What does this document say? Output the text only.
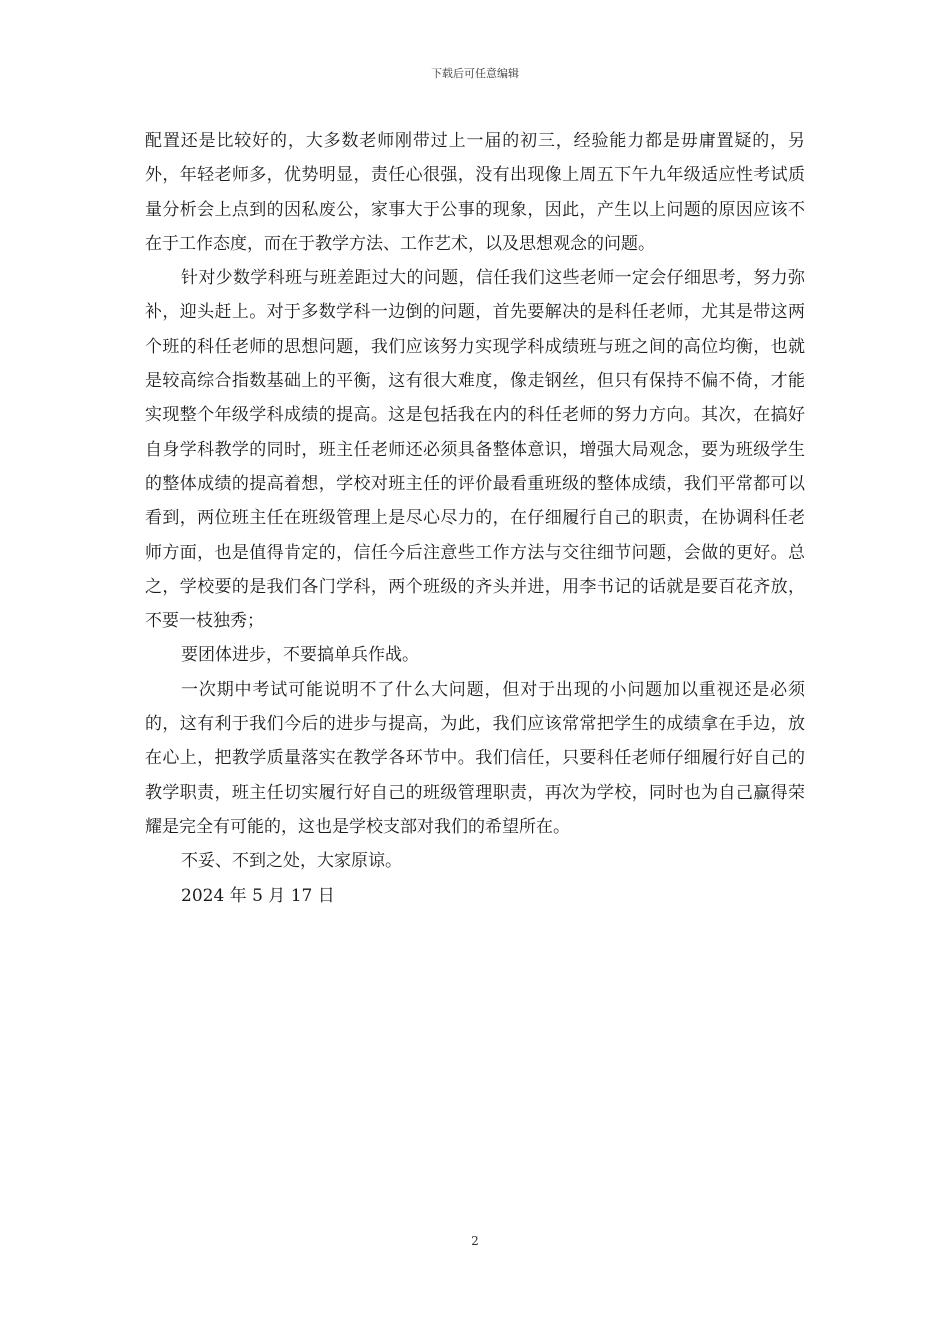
下载后可任意编辑

配置还是比较好的，大多数老师刚带过上一届的初三，经验能力都是毋庸置疑的，另外，年轻老师多，优势明显，责任心很强，没有出现像上周五下午九年级适应性考试质量分析会上点到的因私废公，家事大于公事的现象，因此，产生以上问题的原因应该不在于工作态度，而在于教学方法、工作艺术，以及思想观念的问题。

针对少数学科班与班差距过大的问题，信任我们这些老师一定会仔细思考，努力弥补，迎头赶上。对于多数学科一边倒的问题，首先要解决的是科任老师，尤其是带这两个班的科任老师的思想问题，我们应该努力实现学科成绩班与班之间的高位均衡，也就是较高综合指数基础上的平衡，这有很大难度，像走钢丝，但只有保持不偏不倚，才能实现整个年级学科成绩的提高。这是包括我在内的科任老师的努力方向。其次，在搞好自身学科教学的同时，班主任老师还必须具备整体意识，增强大局观念，要为班级学生的整体成绩的提高着想，学校对班主任的评价最看重班级的整体成绩，我们平常都可以看到，两位班主任在班级管理上是尽心尽力的，在仔细履行自己的职责，在协调科任老师方面，也是值得肯定的，信任今后注意些工作方法与交往细节问题，会做的更好。总之，学校要的是我们各门学科，两个班级的齐头并进，用李书记的话就是要百花齐放，不要一枝独秀；

要团体进步，不要搞单兵作战。

一次期中考试可能说明不了什么大问题，但对于出现的小问题加以重视还是必须的，这有利于我们今后的进步与提高，为此，我们应该常常把学生的成绩拿在手边，放在心上，把教学质量落实在教学各环节中。我们信任，只要科任老师仔细履行好自己的教学职责，班主任切实履行好自己的班级管理职责，再次为学校，同时也为自己赢得荣耀是完全有可能的，这也是学校支部对我们的希望所在。

不妥、不到之处，大家原谅。

2024 年 5 月 17 日

2
